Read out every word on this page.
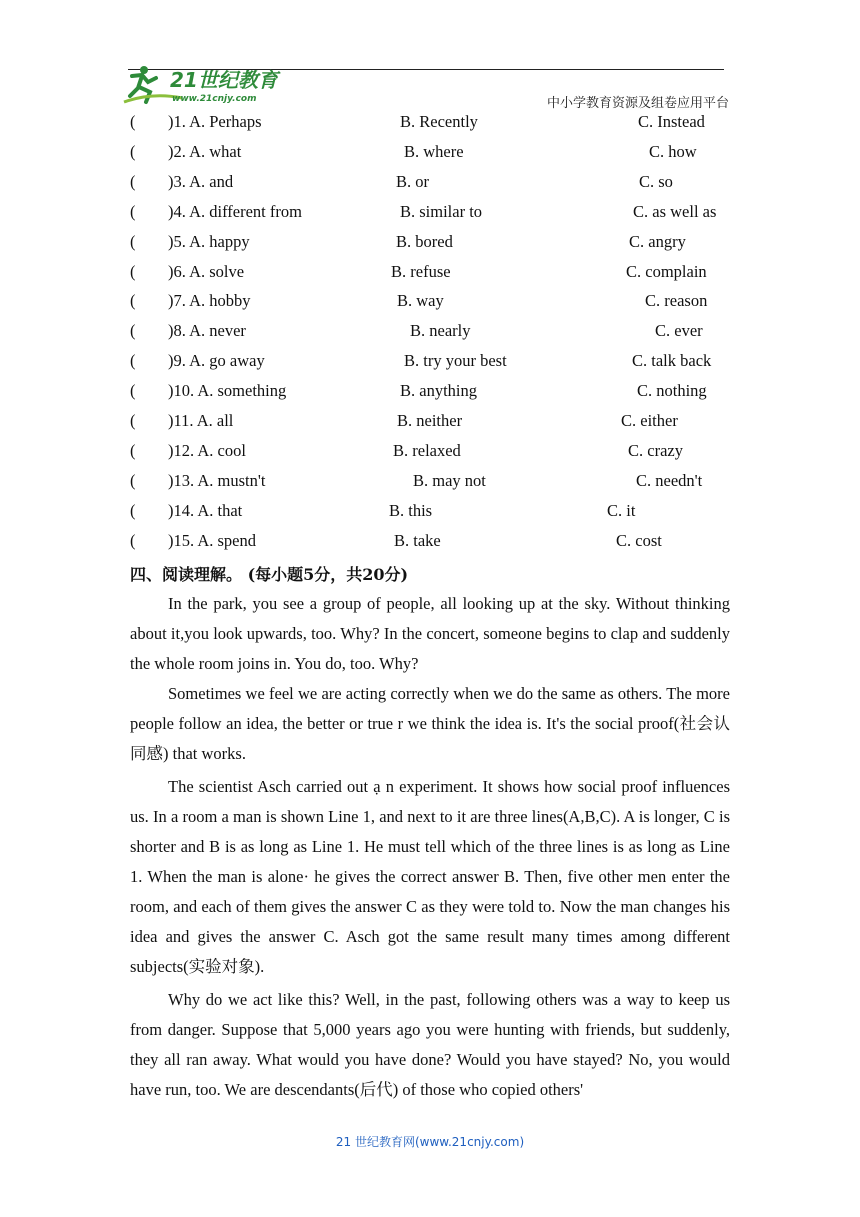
21世纪教育
www.21cnjy.com	中小学教育资源及组卷应用平台
( )1. A. Perhaps	B. Recently	C. Instead
( )2. A. what	B. where	C. how
( )3. A. and	B. or	C. so
( )4. A. different from	B. similar to	C. as well as
( )5. A. happy	B. bored	C. angry
( )6. A. solve	B. refuse	C. complain
( )7. A. hobby	B. way	C. reason
( )8. A. never	B. nearly	C. ever
( )9. A. go away	B. try your best	C. talk back
( )10. A. something	B. anything	C. nothing
( )11. A. all	B. neither	C. either
( )12. A. cool	B. relaxed	C. crazy
( )13. A. mustn't	B. may not	C. needn't
( )14. A. that	B. this	C. it
( )15. A. spend	B. take	C. cost
四、阅读理解。 (每小题5分，共20分)

In the park, you see a group of people, all looking up at the sky. Without thinking about it,you look upwards, too. Why? In the concert, someone begins to clap and suddenly the whole room joins in. You do, too. Why?

Sometimes we feel we are acting correctly when we do the same as others. The more people follow an idea, the better or true r we think the idea is. It's the social proof(社会认同感) that works.

The scientist Asch carried out ạ n experiment. It shows how social proof influences us. In a room a man is shown Line 1, and next to it are three lines(A,B,C). A is longer, C is shorter and B is as long as Line 1. He must tell which of the three lines is as long as Line 1. When the man is alone· he gives the correct answer B. Then, five other men enter the room, and each of them gives the answer C as they were told to. Now the man changes his idea and gives the answer C. Asch got the same result many times among different subjects(实验对象).

Why do we act like this? Well, in the past, following others was a way to keep us from danger. Suppose that 5,000 years ago you were hunting with friends, but suddenly, they all ran away. What would you have done? Would you have stayed? No, you would have run, too. We are descendants(后代) of those who copied others'

21 世纪教育网(www.21cnjy.com)
